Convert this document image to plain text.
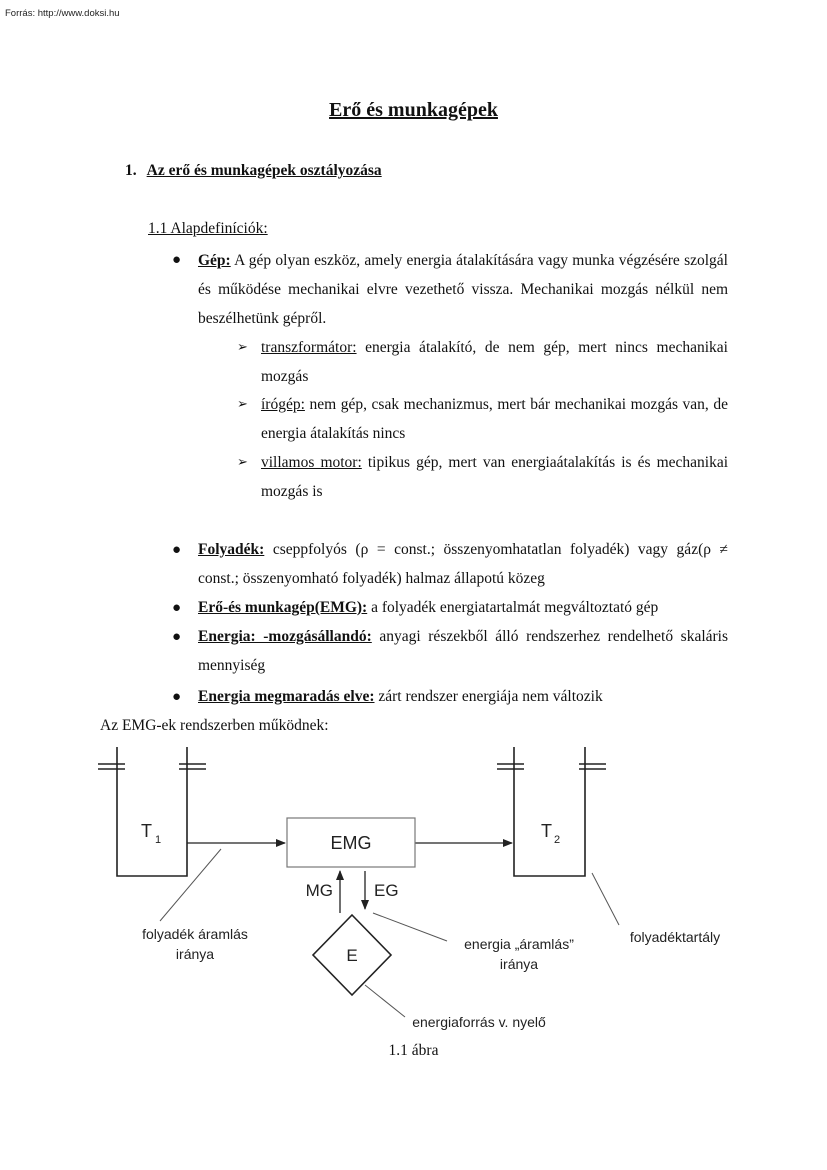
Forrás: http://www.doksi.hu
Erő és munkagépek
1. Az erő és munkagépek osztályozása
1.1 Alapdefiníciók:
● Gép: A gép olyan eszköz, amely energia átalakítására vagy munka végzésére szolgál és működése mechanikai elvre vezethető vissza. Mechanikai mozgás nélkül nem beszélhetünk gépről.
➢ transzformátor: energia átalakító, de nem gép, mert nincs mechanikai mozgás
➢ írógép: nem gép, csak mechanizmus, mert bár mechanikai mozgás van, de energia átalakítás nincs
➢ villamos motor: tipikus gép, mert van energiaátalakítás is és mechanikai mozgás is
● Folyadék: cseppfolyós (ρ = const.; összenyomhatatlan folyadék) vagy gáz(ρ ≠ const.; összenyomható folyadék) halmaz állapotú közeg
● Erő-és munkagép(EMG): a folyadék energiatartalmát megváltoztató gép
● Energia: -mozgásállandó: anyagi részekből álló rendszerhez rendelhető skaláris mennyiség
● Energia megmaradás elve: zárt rendszer energiája nem változik
Az EMG-ek rendszerben működnek:
T 1	T 2
EMG
MG EG
E
folyadék áramlás
iránya
energia „áramlás”
iránya
folyadéktartály
energiaforrás v. nyelő
1.1 ábra
